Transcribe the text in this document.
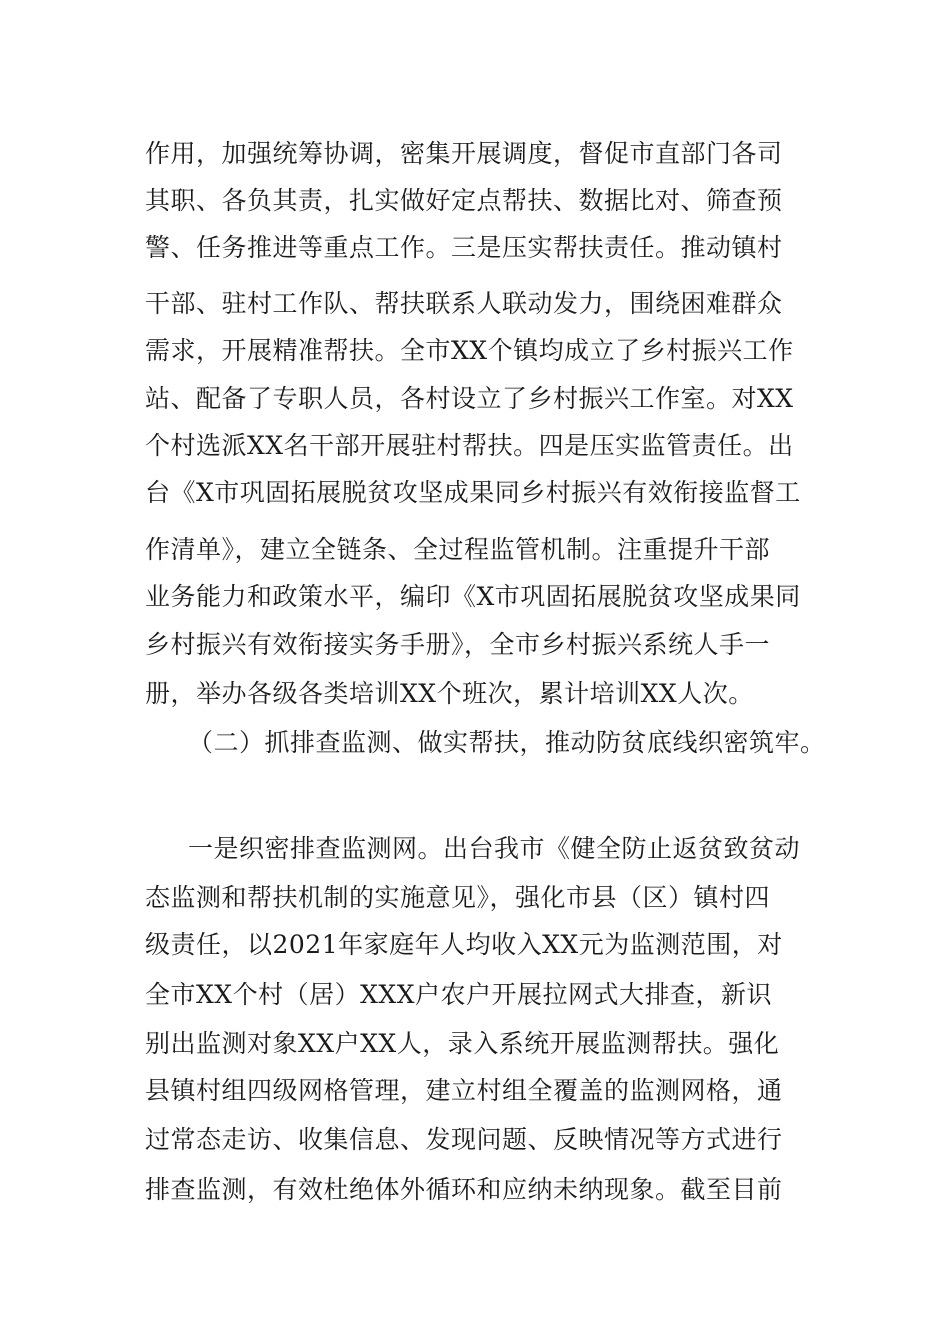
作用，加强统筹协调，密集开展调度，督促市直部门各司
其职、各负其责，扎实做好定点帮扶、数据比对、筛查预
警、任务推进等重点工作。三是压实帮扶责任。推动镇村
干部、驻村工作队、帮扶联系人联动发力，围绕困难群众
需求，开展精准帮扶。全市XX个镇均成立了乡村振兴工作
站、配备了专职人员，各村设立了乡村振兴工作室。对XX
个村选派XX名干部开展驻村帮扶。四是压实监管责任。出
台《X市巩固拓展脱贫攻坚成果同乡村振兴有效衔接监督工
作清单》，建立全链条、全过程监管机制。注重提升干部
业务能力和政策水平，编印《X市巩固拓展脱贫攻坚成果同
乡村振兴有效衔接实务手册》，全市乡村振兴系统人手一
册，举办各级各类培训XX个班次，累计培训XX人次。
（二）抓排查监测、做实帮扶，推动防贫底线织密筑牢。
一是织密排查监测网。出台我市《健全防止返贫致贫动
态监测和帮扶机制的实施意见》，强化市县（区）镇村四
级责任，以2021年家庭年人均收入XX元为监测范围，对
全市XX个村（居）XXX户农户开展拉网式大排查，新识
别出监测对象XX户XX人，录入系统开展监测帮扶。强化
县镇村组四级网格管理，建立村组全覆盖的监测网格，通
过常态走访、收集信息、发现问题、反映情况等方式进行
排查监测，有效杜绝体外循环和应纳未纳现象。截至目前
